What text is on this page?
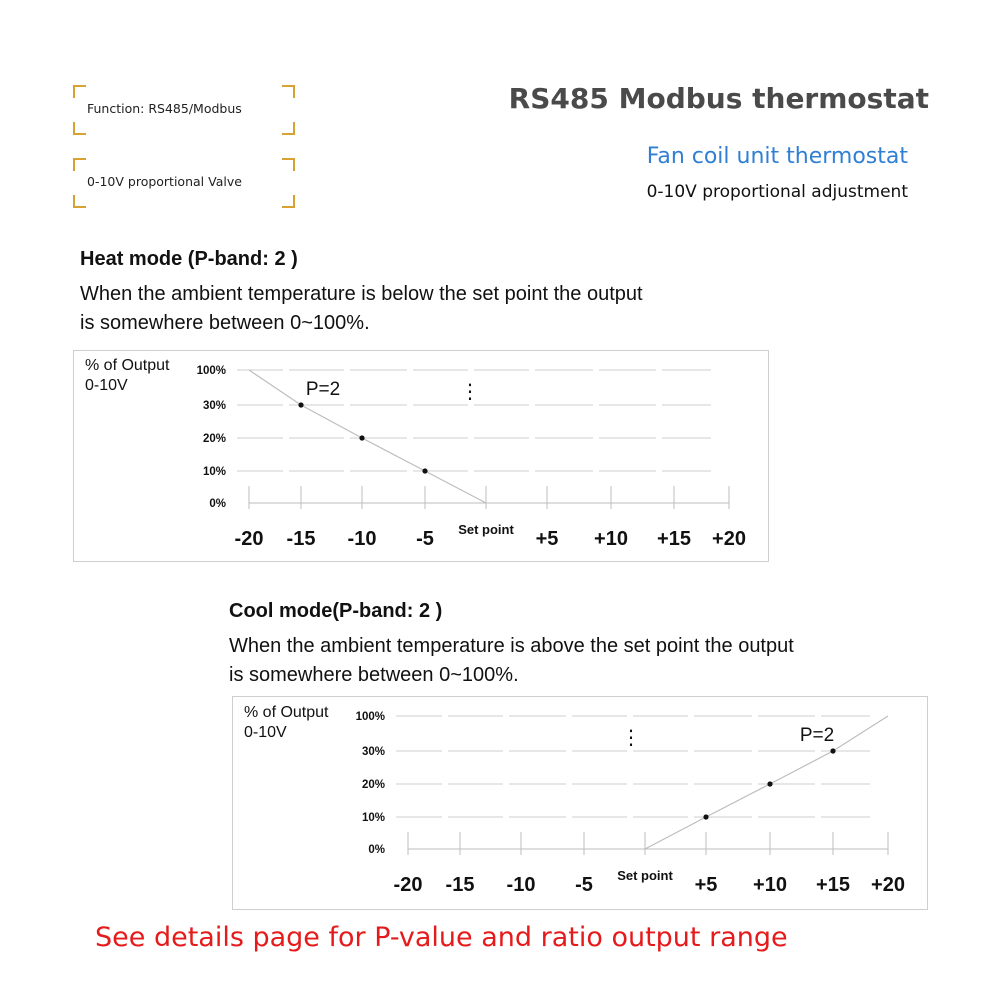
Function: RS485/Modbus
0-10V proportional Valve
RS485 Modbus thermostat
Fan coil unit thermostat
0-10V proportional adjustment
Heat mode (P-band: 2 )
When the ambient temperature is below the set point the output
is somewhere between 0~100%.
% of Output
0-10V
100%
30%
20%
10%
0%
-20 -15 -10 -5 Set point +5 +10 +15 +20
P=2	⋮
Cool mode(P-band: 2 )
When the ambient temperature is above the set point the output
is somewhere between 0~100%.
% of Output
0-10V
100%
30%
20%
10%
0%
-20 -15 -10 -5 Set point +5 +10 +15 +20
P=2
⋮
See details page for P-value and ratio output range
